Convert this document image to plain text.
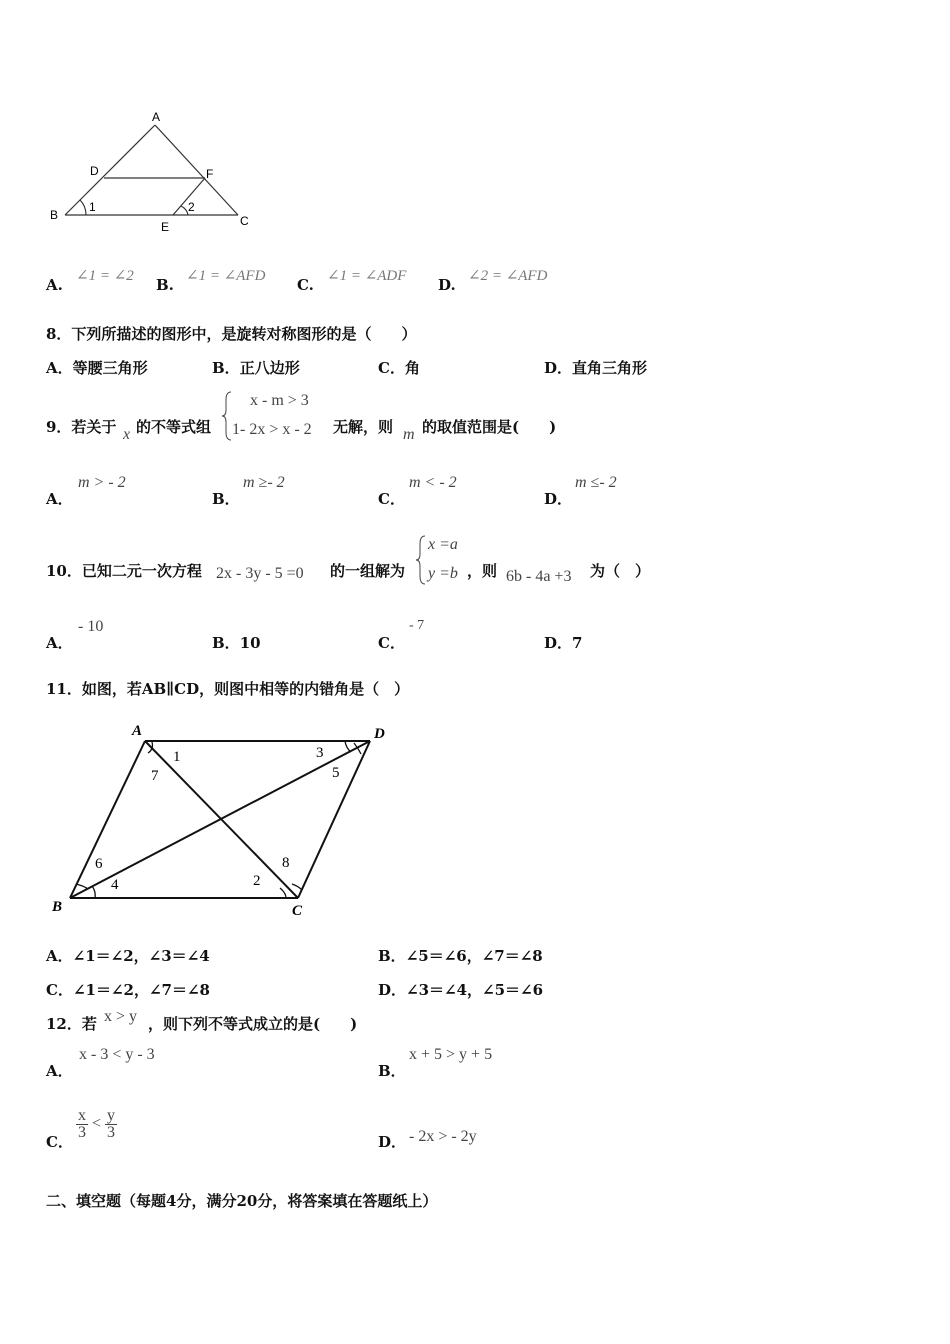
A
D	F
B
1	2
E	C
A. ∠1 = ∠2 B. ∠1 = ∠AFD C. ∠1 = ∠ADF D. ∠2 = ∠AFD
8．下列所描述的图形中，是旋转对称图形的是（　　）
A．等腰三角形	B．正八边形	C．角	D．直角三角形
9．若关于 x 的不等式组
x - m > 3
1- 2x > x - 2 无解，则 m 的取值范围是(　　)
A．
m > - 2
B．
m ≥- 2
C．
m < - 2
D．
m ≤- 2
10．已知二元一次方程 2x - 3y - 5 =0 的一组解为
x =a
y =b ，则 6b - 4a +3 为（　）
A．
- 10
B．10	C．
- 7
D．7
11．如图，若AB∥CD，则图中相等的内错角是（　）
A	D
B	C
1
7
3
5
6
4	2
8
A．∠1＝∠2，∠3＝∠4	B．∠5＝∠6，∠7＝∠8
C．∠1＝∠2，∠7＝∠8	D．∠3＝∠4，∠5＝∠6
12．若 x > y ，则下列不等式成立的是(　　)
A．
x - 3 < y - 3
B．
x + 5 > y + 5
C．
$\frac{x}{3} < \frac{y}{3}$
D． - 2x > - 2y
二、填空题（每题4分，满分20分，将答案填在答题纸上）
